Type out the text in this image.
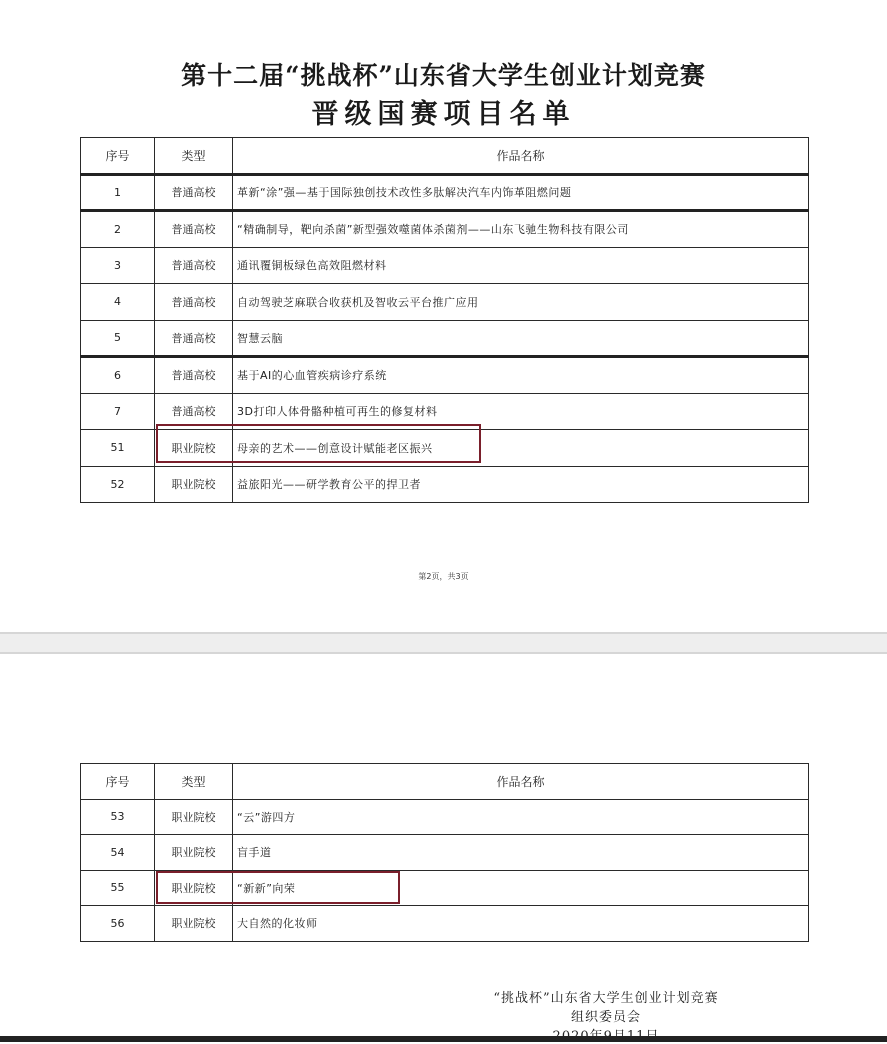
第十二届“挑战杯”山东省大学生创业计划竞赛
晋级国赛项目名单
序号	类型	作品名称
1	普通高校	革新“涂”强—基于国际独创技术改性多肽解决汽车内饰革阻燃问题
2	普通高校	“精确制导，靶向杀菌”新型强效噬菌体杀菌剂——山东飞驰生物科技有限公司
3	普通高校	通讯覆铜板绿色高效阻燃材料
4	普通高校	自动驾驶芝麻联合收获机及智收云平台推广应用
5	普通高校	智慧云脑
6	普通高校	基于AI的心血管疾病诊疗系统
7	普通高校	3D打印人体骨骼种植可再生的修复材料
51	职业院校	母亲的艺术——创意设计赋能老区振兴
52	职业院校	益旅阳光——研学教育公平的捍卫者
第2页，共3页
序号	类型	作品名称
53	职业院校	“云”游四方
54	职业院校	盲手道
55	职业院校	“新新”向荣
56	职业院校	大自然的化妆师
“挑战杯”山东省大学生创业计划竞赛
组织委员会
